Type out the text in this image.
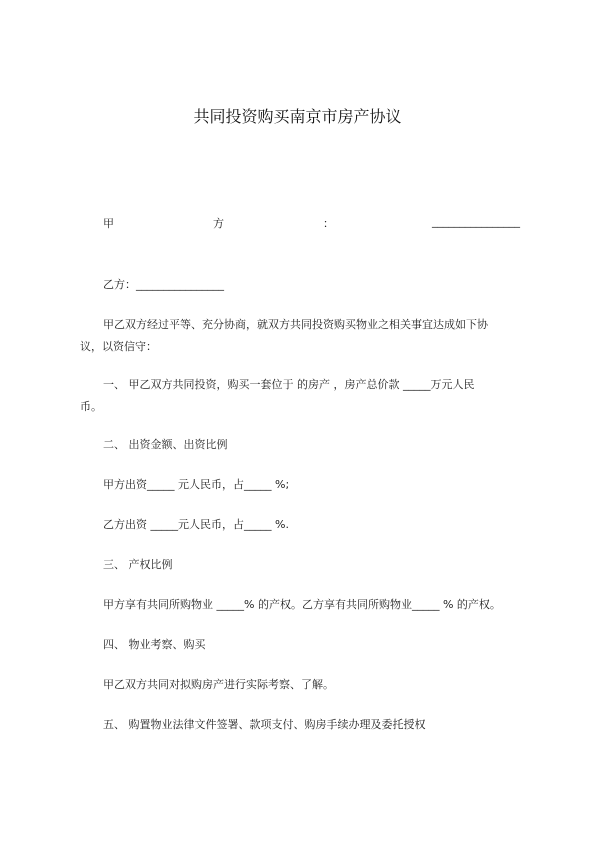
共同投资购买南京市房产协议
甲	方	：	________________
乙方：________________
甲乙双方经过平等、充分协商，就双方共同投资购买物业之相关事宜达成如下协
议，以资信守：
一、 甲乙双方共同投资，购买一套位于 的房产 ，房产总价款 _____万元人民
币。
二、 出资金额、出资比例
甲方出资_____ 元人民币，占_____ %;
乙方出资 _____元人民币，占_____ %.
三、 产权比例
甲方享有共同所购物业 _____% 的产权。乙方享有共同所购物业_____ % 的产权。
四、 物业考察、购买
甲乙双方共同对拟购房产进行实际考察、了解。
五、 购置物业法律文件签署、款项支付、购房手续办理及委托授权
